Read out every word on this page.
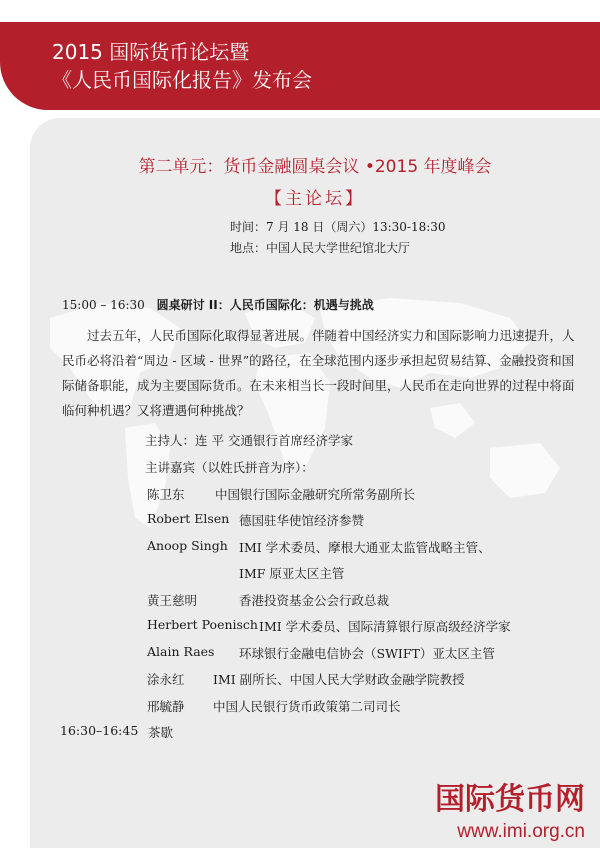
2015 国际货币论坛暨
《人民币国际化报告》发布会
第二单元：货币金融圆桌会议 •2015 年度峰会
【主论坛】
时间：7 月 18 日（周六）13:30-18:30
地点：中国人民大学世纪馆北大厅
15:00 – 16:30 圆桌研讨 II：人民币国际化：机遇与挑战

过去五年，人民币国际化取得显著进展。伴随着中国经济实力和国际影响力迅速提升，人民币必将沿着“周边 - 区域 - 世界”的路径，在全球范围内逐步承担起贸易结算、金融投资和国际储备职能，成为主要国际货币。在未来相当长一段时间里，人民币在走向世界的过程中将面临何种机遇？又将遭遇何种挑战？

主持人：连 平 交通银行首席经济学家
主讲嘉宾（以姓氏拼音为序）：
陈卫东 中国银行国际金融研究所常务副所长
Robert Elsen 德国驻华使馆经济参赞
Anoop Singh IMI 学术委员、摩根大通亚太监管战略主管、
IMF 原亚太区主管
黄王慈明	香港投资基金公会行政总裁
Herbert Poenisch IMI 学术委员、国际清算银行原高级经济学家
Alain Raes 环球银行金融电信协会（SWIFT）亚太区主管
涂永红 IMI 副所长、中国人民大学财政金融学院教授
邢毓静 中国人民银行货币政策第二司司长
16:30–16:45 茶歇
国际货币网
www.imi.org.cn
